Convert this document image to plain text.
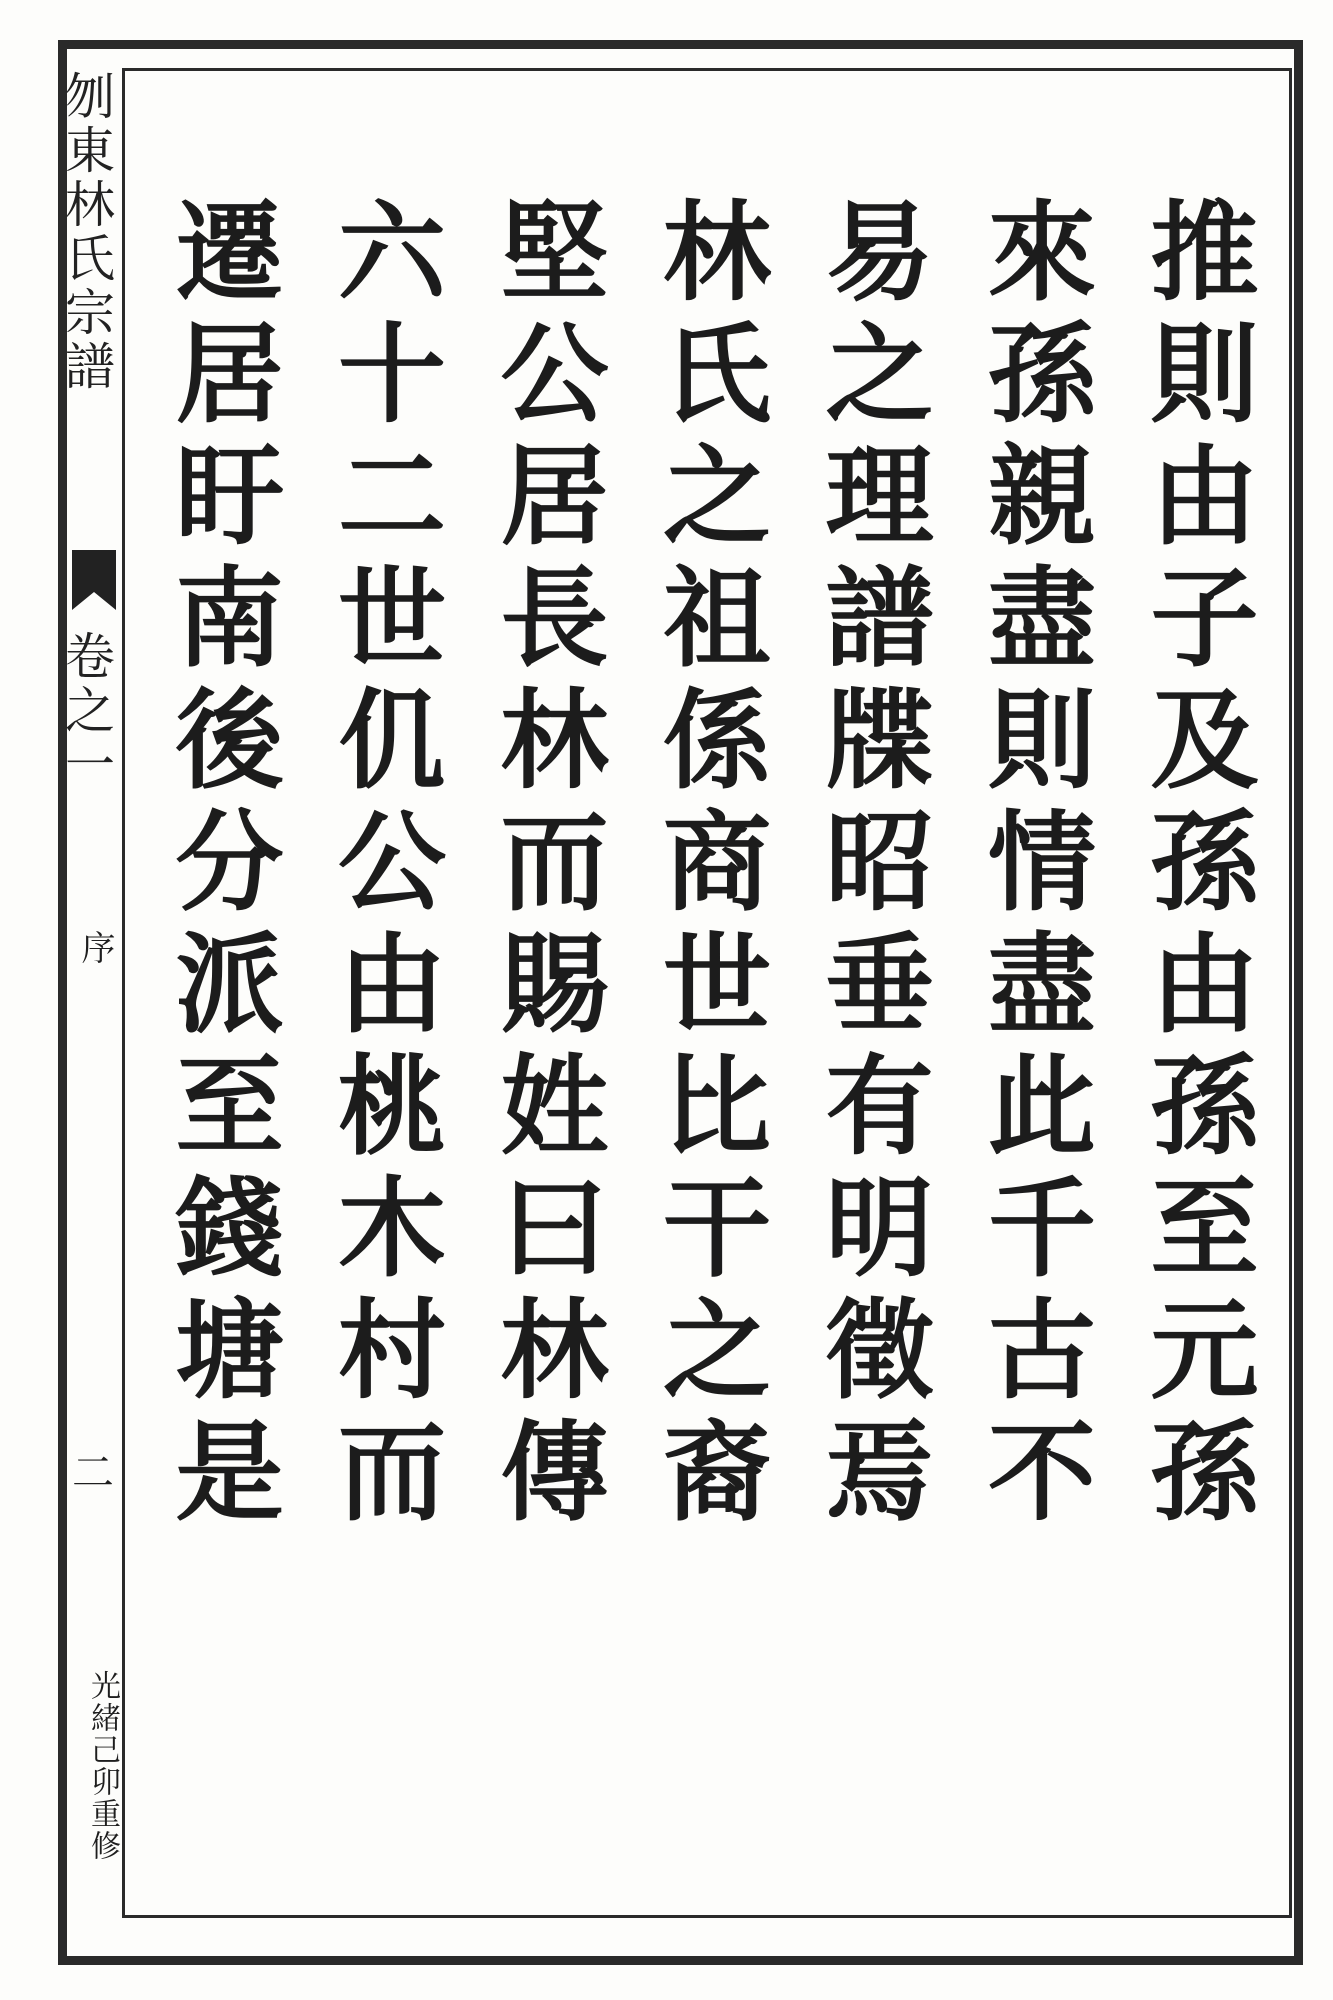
刎東林氏宗譜
卷之一
序
二
光緒己卯重修
推則由子及孫由孫至元孫
來孫親盡則情盡此千古不
易之理譜牒昭垂有明徵焉
林氏之祖係商世比干之裔
堅公居長林而賜姓曰林傳
六十二世仉公由桃木村而
遷居盱南後分派至錢塘是
